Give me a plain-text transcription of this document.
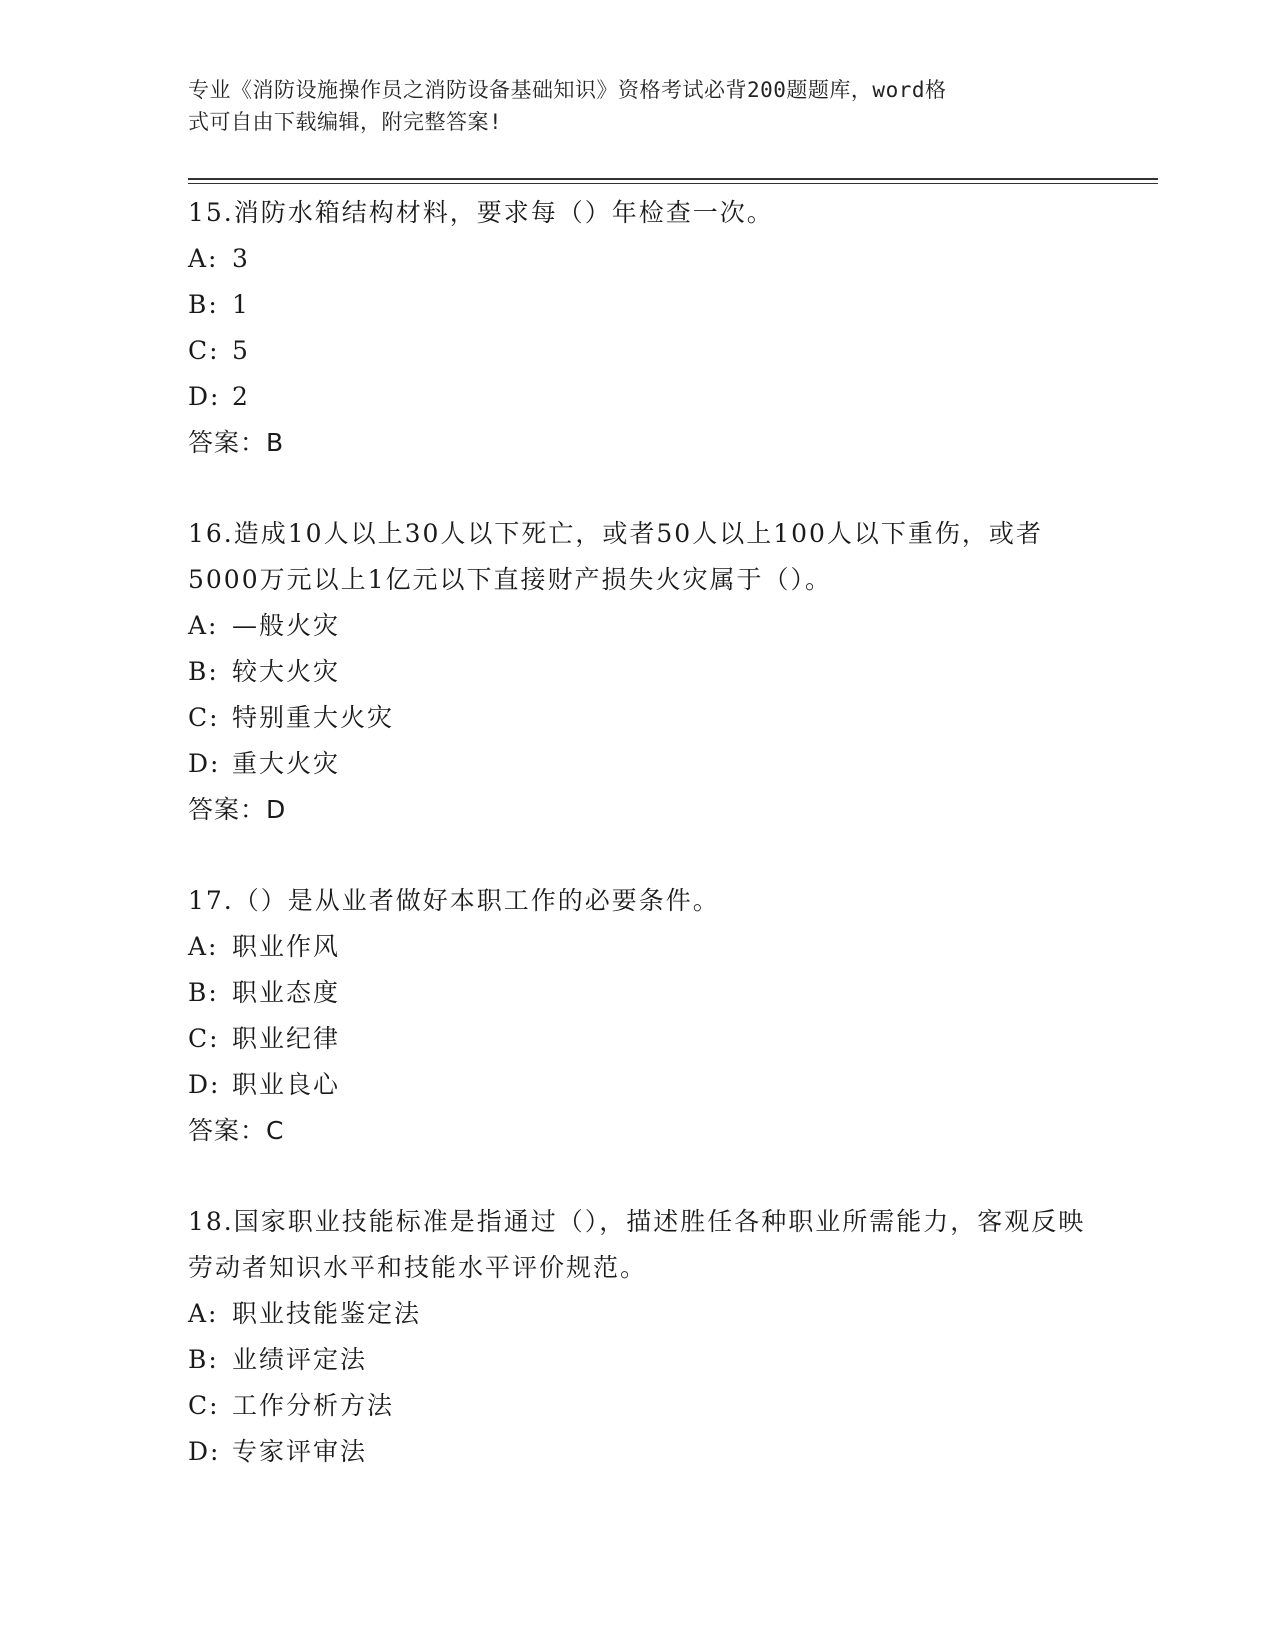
专业《消防设施操作员之消防设备基础知识》资格考试必背200题题库，word格
式可自由下载编辑，附完整答案!

15.消防水箱结构材料，要求每（）年检查一次。

A: 3

B: 1

C: 5

D: 2

答案：B

16.造成10人以上30人以下死亡，或者50人以上100人以下重伤，或者5000万元以上1亿元以下直接财产损失火灾属于（）。

A: —般火灾

B: 较大火灾

C: 特别重大火灾

D: 重大火灾

答案：D

17.（）是从业者做好本职工作的必要条件。

A: 职业作风

B: 职业态度

C: 职业纪律

D: 职业良心

答案：C

18.国家职业技能标准是指通过（），描述胜任各种职业所需能力，客观反映劳动者知识水平和技能水平评价规范。

A: 职业技能鉴定法

B: 业绩评定法

C: 工作分析方法

D: 专家评审法
